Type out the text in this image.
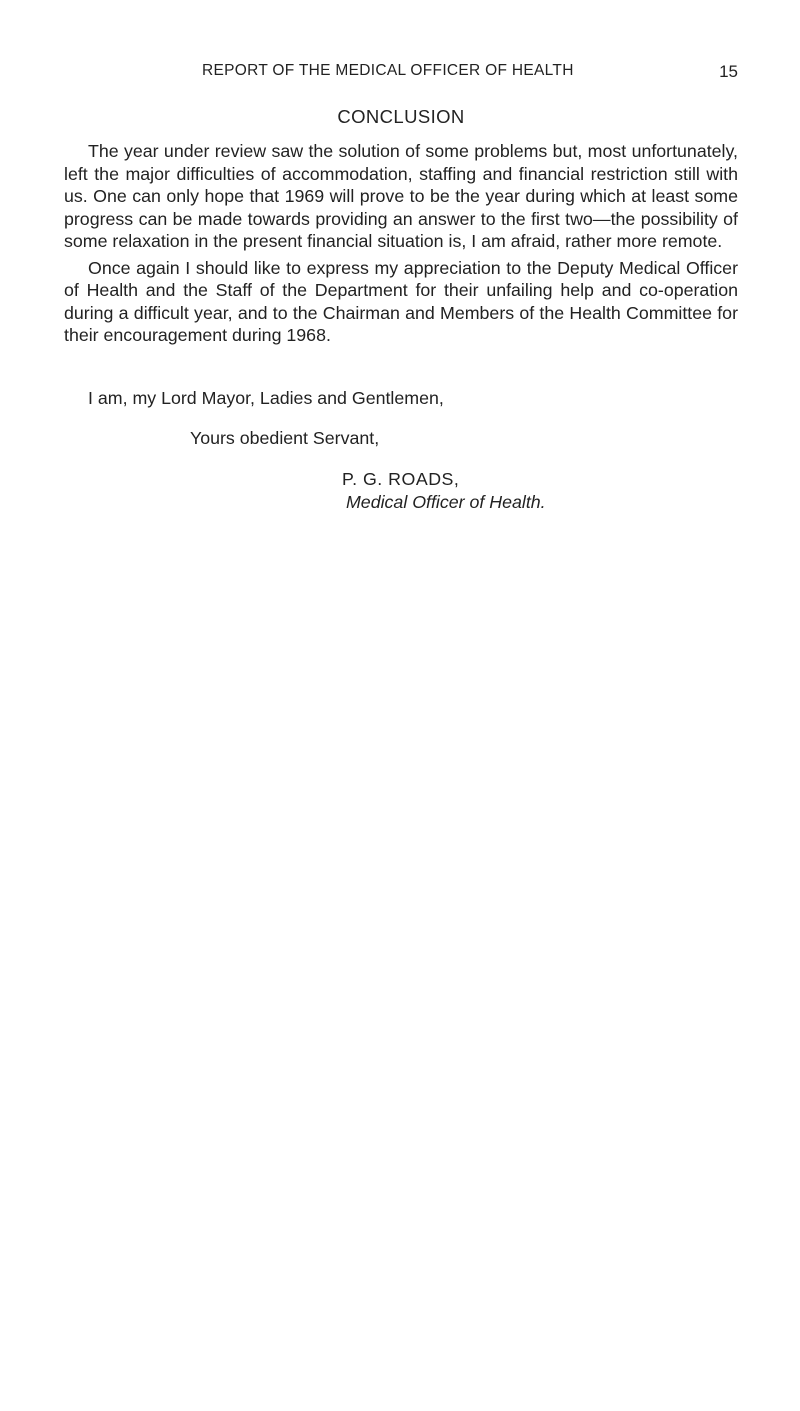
REPORT OF THE MEDICAL OFFICER OF HEALTH	15
CONCLUSION

The year under review saw the solution of some problems but, most unfortunately, left the major difficulties of accommodation, staffing and financial restriction still with us. One can only hope that 1969 will prove to be the year during which at least some progress can be made towards providing an answer to the first two—the possibility of some relaxation in the present financial situation is, I am afraid, rather more remote.

Once again I should like to express my appreciation to the Deputy Medical Officer of Health and the Staff of the Department for their unfailing help and co-operation during a difficult year, and to the Chairman and Members of the Health Committee for their encouragement during 1968.

I am, my Lord Mayor, Ladies and Gentlemen,
Yours obedient Servant,
P. G. ROADS,
Medical Officer of Health.
